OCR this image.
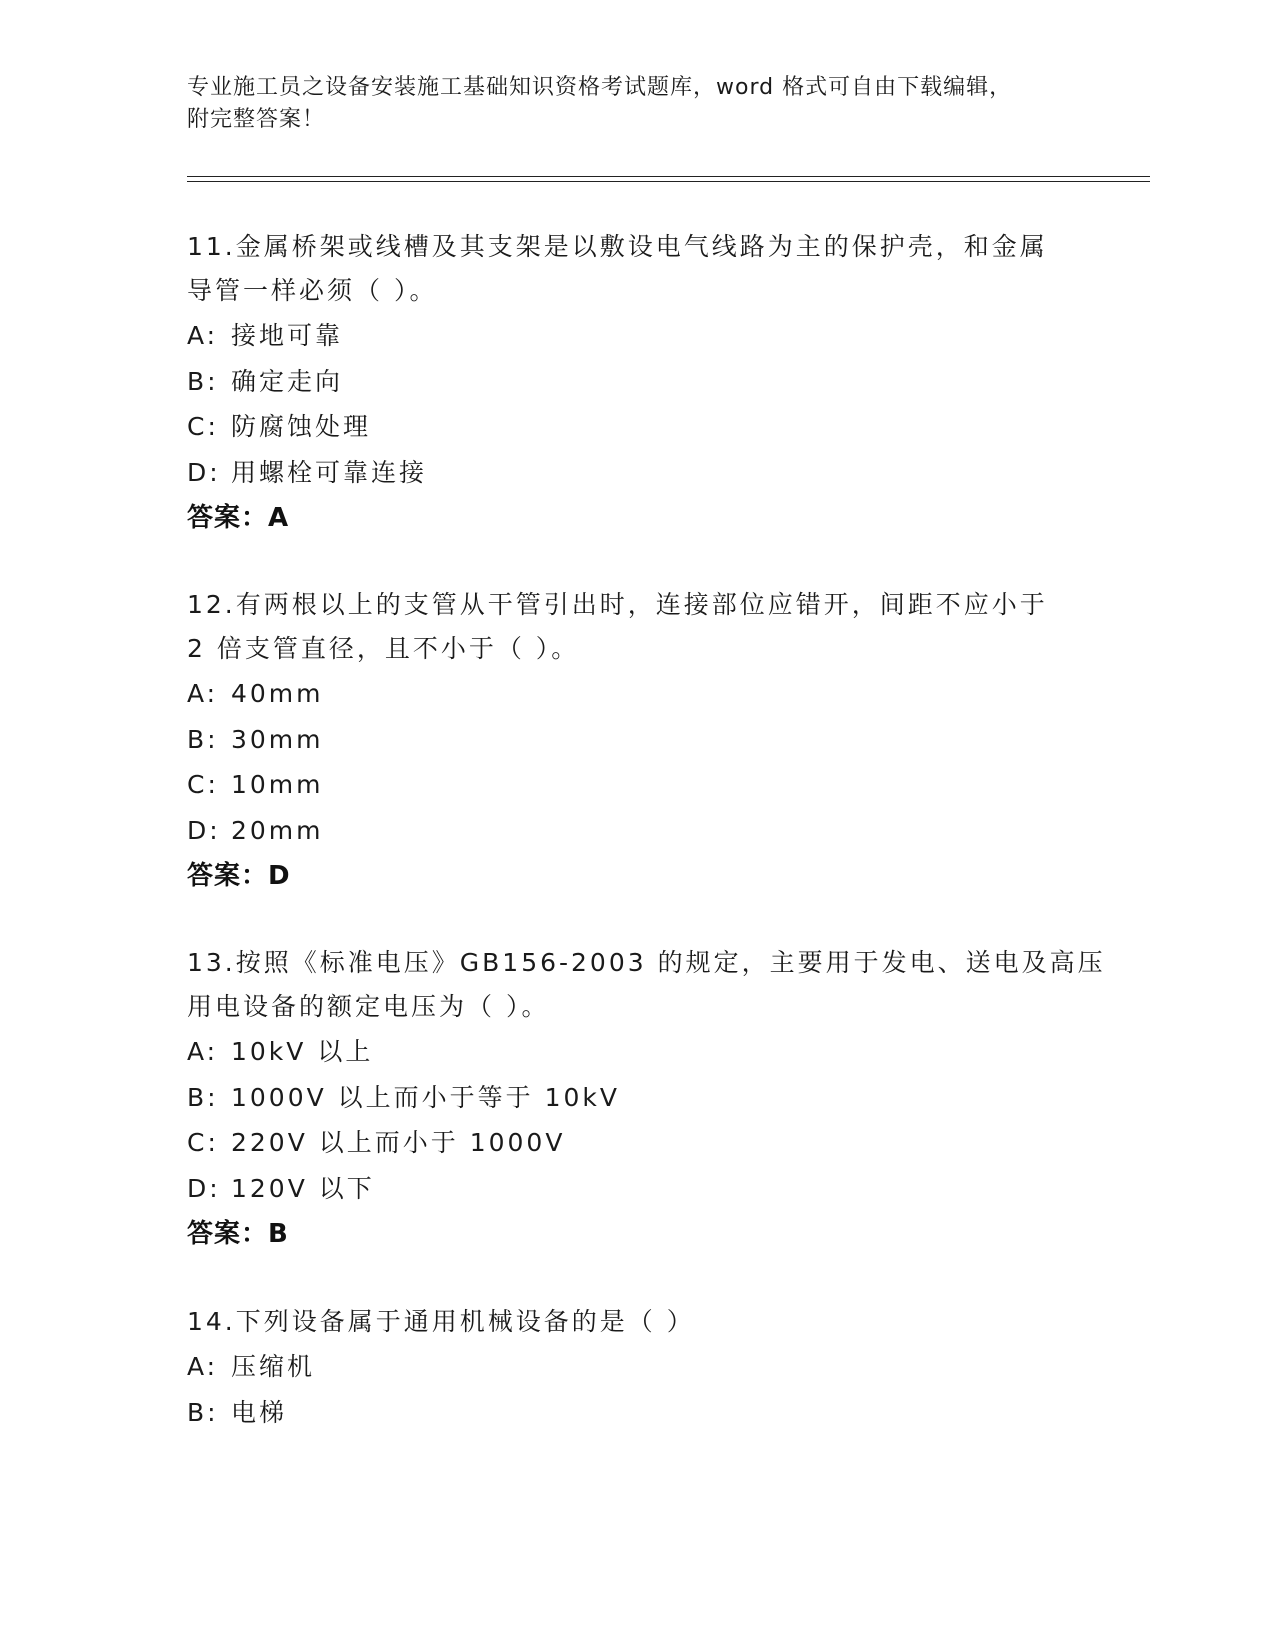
专业施工员之设备安装施工基础知识资格考试题库，word 格式可自由下载编辑，
附完整答案！
11.金属桥架或线槽及其支架是以敷设电气线路为主的保护壳，和金属
导管一样必须（ ）。
A: 接地可靠
B: 确定走向
C: 防腐蚀处理
D: 用螺栓可靠连接
答案：A
12.有两根以上的支管从干管引出时，连接部位应错开，间距不应小于
2 倍支管直径，且不小于（ ）。
A: 40mm
B: 30mm
C: 10mm
D: 20mm
答案：D
13.按照《标准电压》GB156-2003 的规定，主要用于发电、送电及高压
用电设备的额定电压为（ ）。
A: 10kV 以上
B: 1000V 以上而小于等于 10kV
C: 220V 以上而小于 1000V
D: 120V 以下
答案：B
14.下列设备属于通用机械设备的是（ ）
A: 压缩机
B: 电梯
